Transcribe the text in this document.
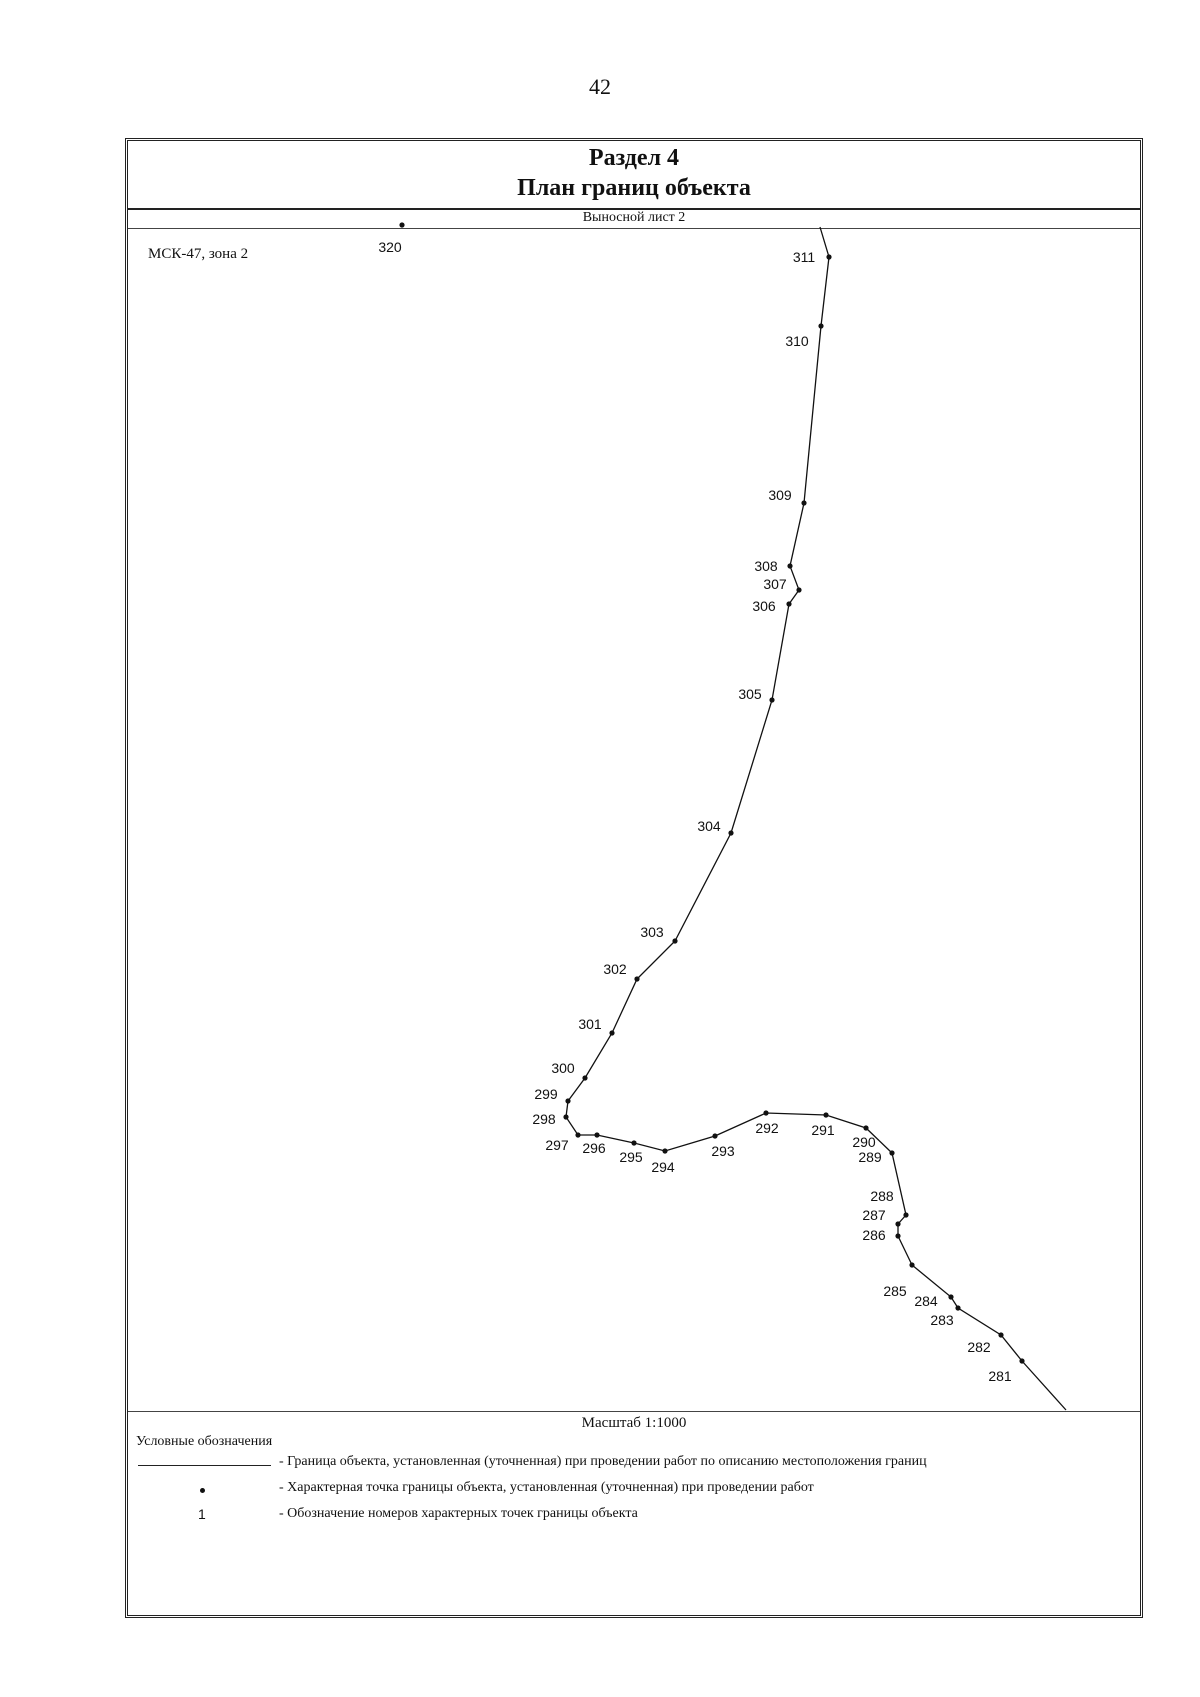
42
Раздел 4
План границ объекта
Выносной лист 2
МСК-47, зона 2
Масштаб 1:1000
Условные обозначения
- Граница объекта, установленная (уточненная) при проведении работ по описанию местоположения границ
- Характерная точка границы объекта, установленная (уточненная) при проведении работ
1	- Обозначение номеров характерных точек границы объекта
320
311
310
309
308
307
306
305
304
303
302
301
300
299
298
297 296
295
294
293
292 291
290
289
288
287
286
285
284
283
282
281
